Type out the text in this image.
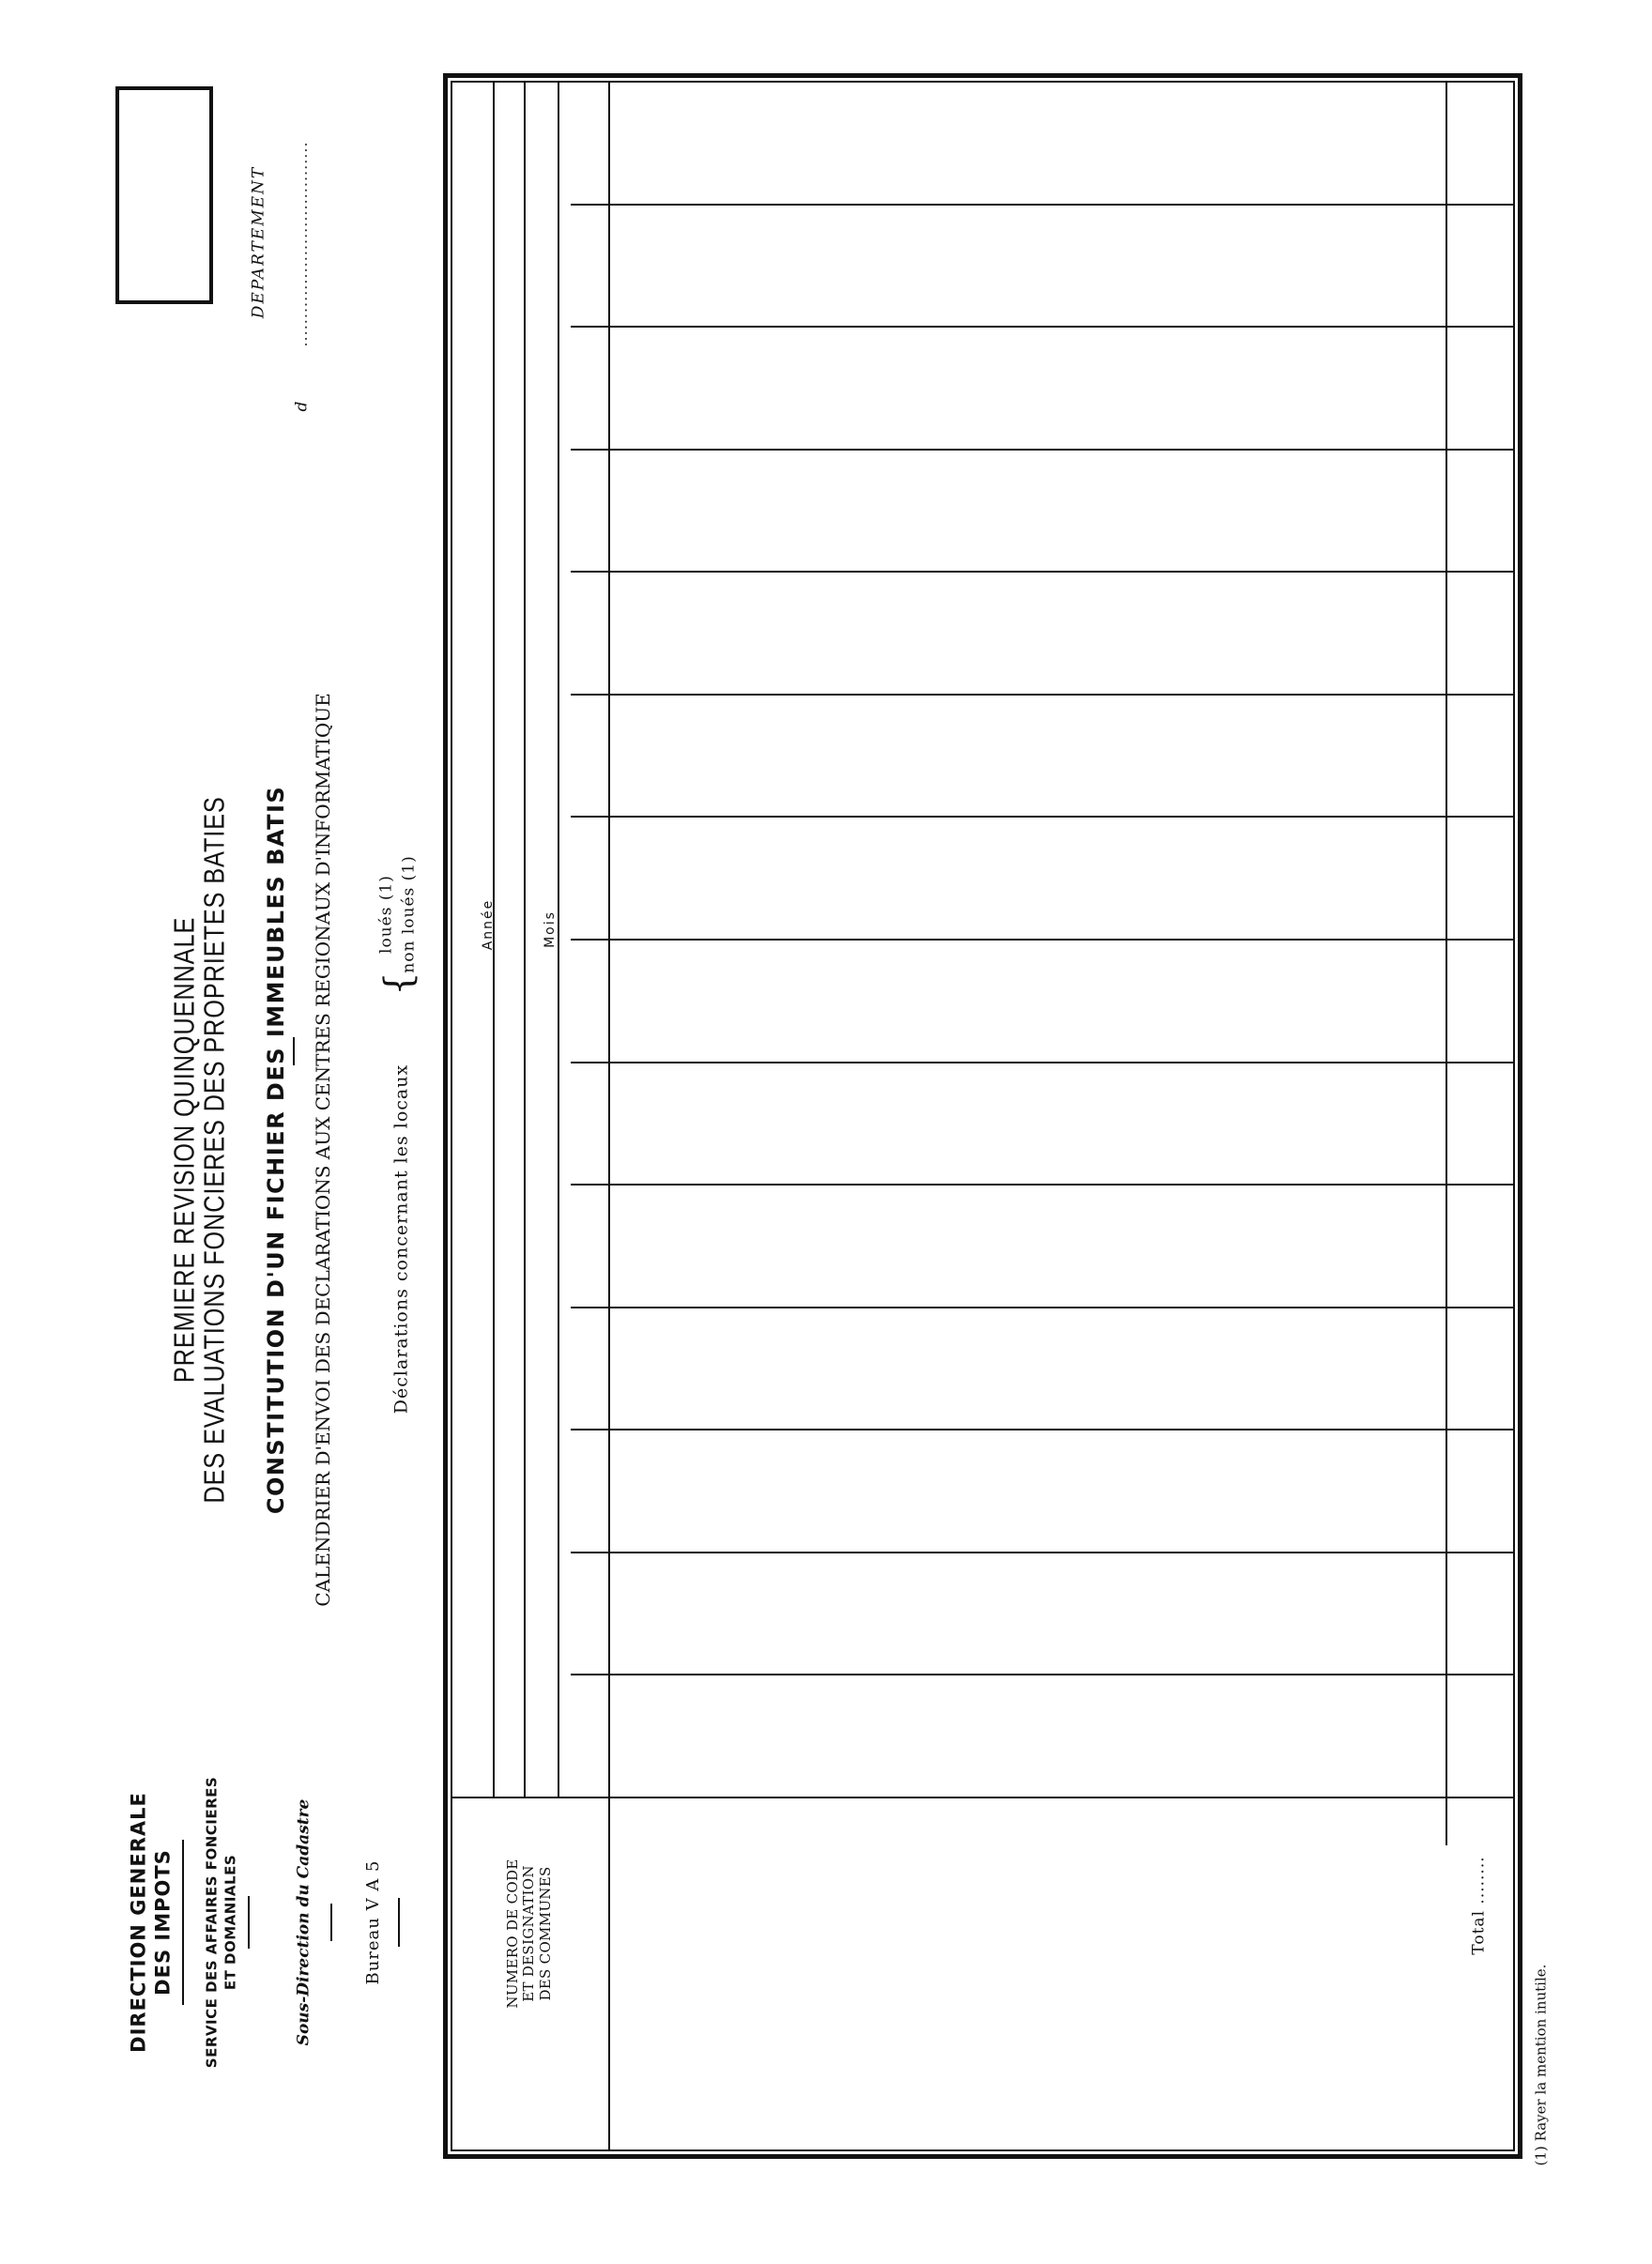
DIRECTION GENERALE DES IMPOTS SERVICE DES AFFAIRES FONCIERES ET DOMANIALES	Sous-Direction du Cadastre	Bureau V A 5
PREMIERE REVISION QUINQUENNALE
DES EVALUATIONS FONCIERES DES PROPRIETES BATIES CONSTITUTION D'UN FICHIER DES IMMEUBLES BATIS CALENDRIER D'ENVOI DES DECLARATIONS AUX CENTRES REGIONAUX D'INFORMATIQUE	Déclarations concernant les locaux
{
loués (1) non loués (1)
DEPARTEMENT
d
....................................
Année	Mois
NUMERO DE CODE
ET DESIGNATION
DES COMMUNES	Total ........
(1) Rayer la mention inutile.
